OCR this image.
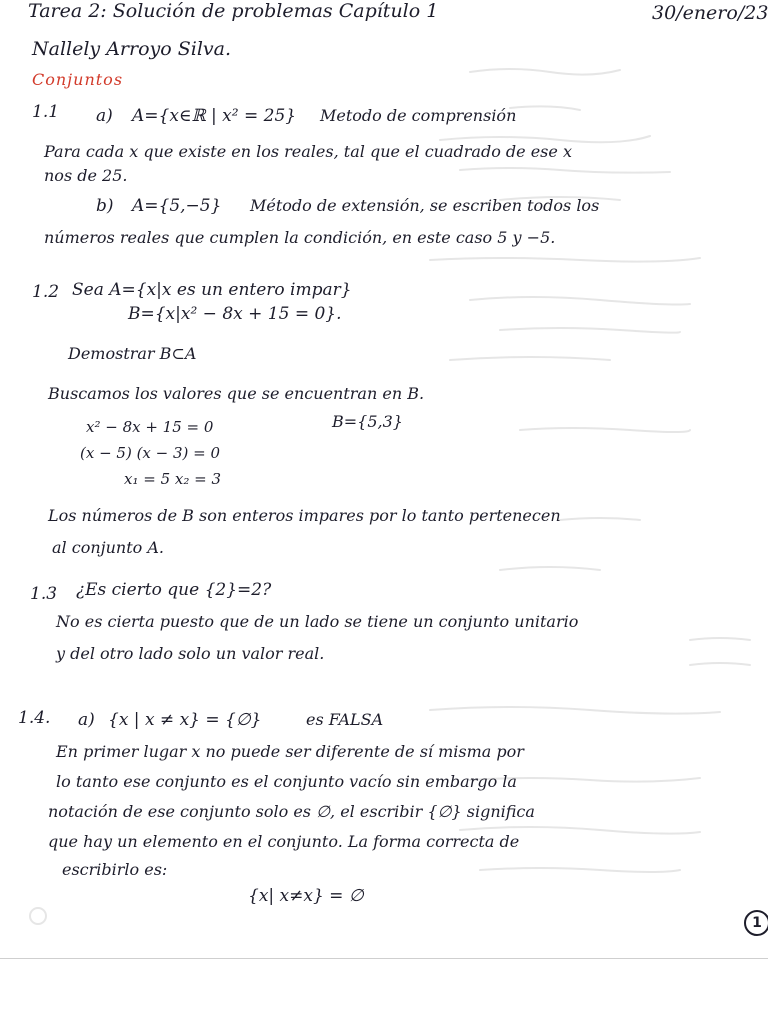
Tarea 2: Solución de problemas Capítulo 1	30/enero/23
Nallely Arroyo Silva.
Conjuntos
1.1 a) A={x∈ℝ | x² = 25} Metodo de comprensión
Para cada x que existe en los reales, tal que el cuadrado de ese x
nos de 25.
b) A={5,−5} Método de extensión, se escriben todos los
números reales que cumplen la condición, en este caso 5 y −5.
1.2 Sea A={x|x es un entero impar}
B={x|x² − 8x + 15 = 0}.
Demostrar B⊂A
Buscamos los valores que se encuentran en B.
x² − 8x + 15 = 0
(x − 5) (x − 3) = 0
x₁ = 5 x₂ = 3
B={5,3}
Los números de B son enteros impares por lo tanto pertenecen
al conjunto A.
1.3 ¿Es cierto que {2}=2?
No es cierta puesto que de un lado se tiene un conjunto unitario
y del otro lado solo un valor real.
1.4. a) {x | x ≠ x} = {∅}	es FALSA
En primer lugar x no puede ser diferente de sí misma por
lo tanto ese conjunto es el conjunto vacío sin embargo la
notación de ese conjunto solo es ∅, el escribir {∅} significa
que hay un elemento en el conjunto. La forma correcta de
escribirlo es:
{x| x≠x} = ∅
1
